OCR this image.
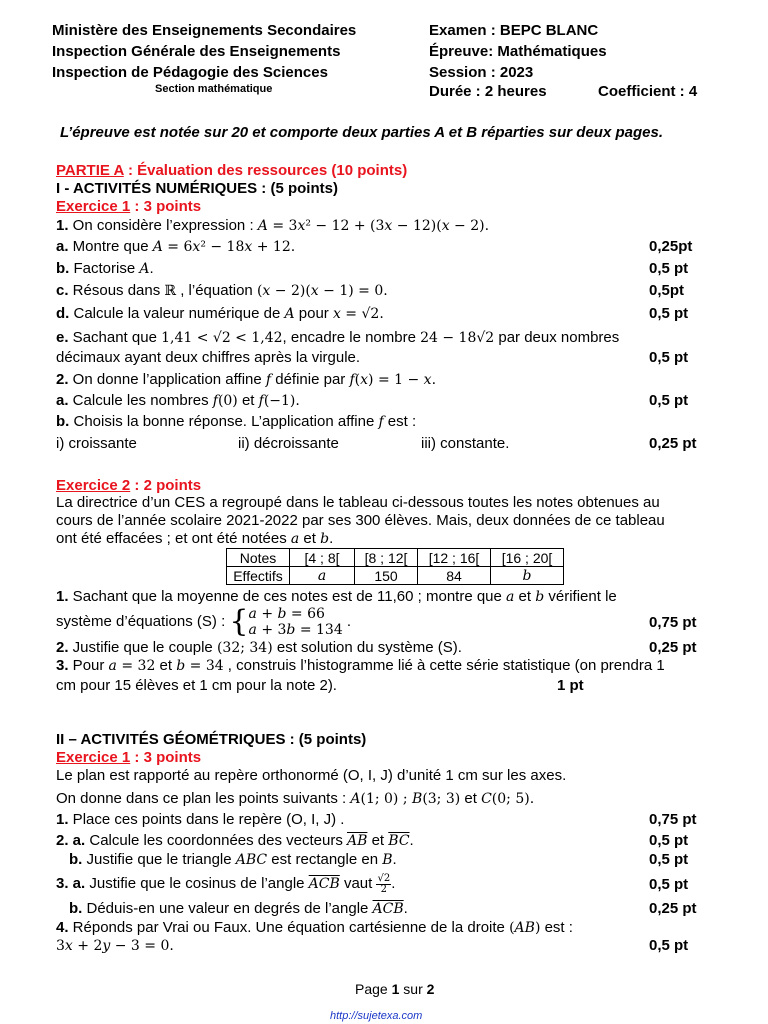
Ministère des Enseignements Secondaires
Inspection Générale des Enseignements
Inspection de Pédagogie des Sciences
Section mathématique
Examen : BEPC BLANC
Épreuve: Mathématiques
Session : 2023
Durée : 2 heures	Coefficient : 4
L’épreuve est notée sur 20 et comporte deux parties A et B réparties sur deux pages.
PARTIE A : Évaluation des ressources (10 points)
I - ACTIVITÉS NUMÉRIQUES : (5 points)
Exercice 1 : 3 points
1. On considère l’expression : A = 3x² − 12 + (3x − 12)(x − 2).
a. Montre que A = 6x² − 18x + 12.	0,25pt
b. Factorise A.	0,5 pt
c. Résous dans ℝ , l’équation (x − 2)(x − 1) = 0.	0,5pt
d. Calcule la valeur numérique de A pour x = √2.	0,5 pt
e. Sachant que 1,41 < √2 < 1,42, encadre le nombre 24 − 18√2 par deux nombres
décimaux ayant deux chiffres après la virgule.	0,5 pt
2. On donne l’application affine f définie par f(x) = 1 − x.
a. Calcule les nombres f(0) et f(−1).	0,5 pt
b. Choisis la bonne réponse. L’application affine f est :
i) croissante	ii) décroissante	iii) constante.	0,25 pt
Exercice 2 : 2 points
La directrice d’un CES a regroupé dans le tableau ci-dessous toutes les notes obtenues au
cours de l’année scolaire 2021-2022 par ses 300 élèves. Mais, deux données de ce tableau
ont été effacées ; et ont été notées a et b.
Notes	[4 ; 8[	[8 ; 12[	[12 ; 16[	[16 ; 20[
Effectifs	a	150	84	b
1. Sachant que la moyenne de ces notes est de 11,60 ; montre que a et b vérifient le
système d’équations (S) : { a + b = 66
a + 3b = 134
.	0,75 pt
2. Justifie que le couple (32; 34) est solution du système (S).	0,25 pt
3. Pour a = 32 et b = 34 , construis l’histogramme lié à cette série statistique (on prendra 1
cm pour 15 élèves et 1 cm pour la note 2).	1 pt
II – ACTIVITÉS GÉOMÉTRIQUES : (5 points)
Exercice 1 : 3 points
Le plan est rapporté au repère orthonormé (O, I, J) d’unité 1 cm sur les axes.
On donne dans ce plan les points suivants : A(1; 0) ; B(3; 3) et C(0; 5).
1. Place ces points dans le repère (O, I, J) .	0,75 pt
2. a. Calcule les coordonnées des vecteurs $\overline{AB}$ et $\overline{BC}$.	0,5 pt
b. Justifie que le triangle ABC est rectangle en B.	0,5 pt
3. a. Justifie que le cosinus de l’angle $\overline{ACB}$ vaut $\frac{√2}{2}$ .	0,5 pt
b. Déduis-en une valeur en degrés de l’angle $\overline{ACB}$.	0,25 pt
4. Réponds par Vrai ou Faux. Une équation cartésienne de la droite (AB) est :
3x + 2y − 3 = 0.	0,5 pt
Page 1 sur 2
http://sujetexa.com
